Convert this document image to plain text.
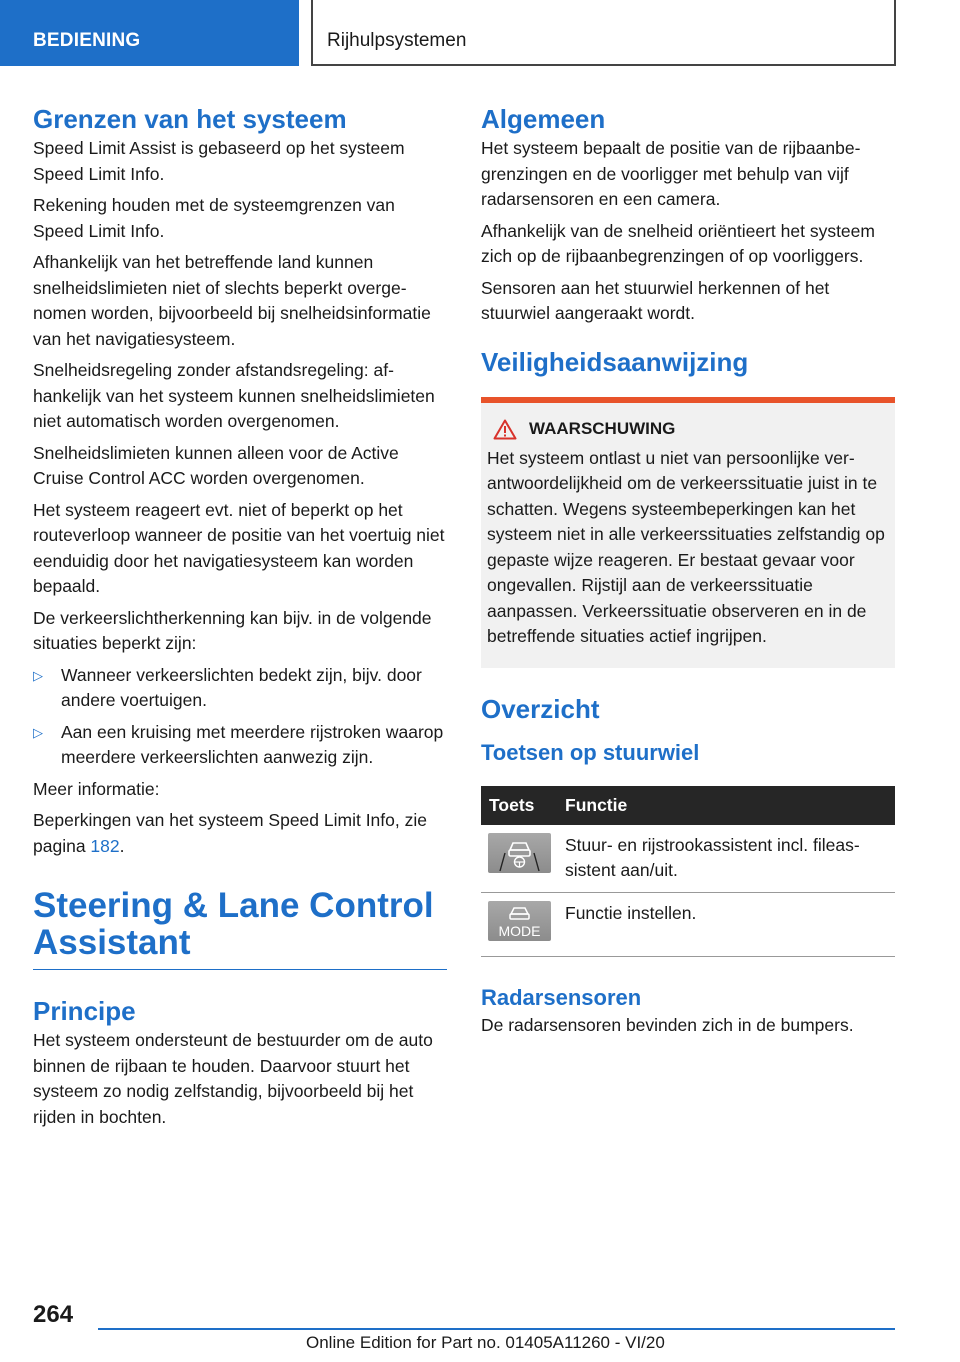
BEDIENING	Rijhulpsystemen
Grenzen van het systeem

Speed Limit Assist is gebaseerd op het systeem Speed Limit Info.

Rekening houden met de systeemgrenzen van Speed Limit Info.

Afhankelijk van het betreffende land kunnen snelheidslimieten niet of slechts beperkt overgenomen worden, bijvoorbeeld bij snelheidsinformatie van het navigatiesysteem.

Snelheidsregeling zonder afstandsregeling: afhankelijk van het systeem kunnen snelheidslimieten niet automatisch worden overgenomen.

Snelheidslimieten kunnen alleen voor de Active Cruise Control ACC worden overgenomen.

Het systeem reageert evt. niet of beperkt op het routeverloop wanneer de positie van het voertuig niet eenduidig door het navigatiesysteem kan worden bepaald.

De verkeerslichtherkenning kan bijv. in de volgende situaties beperkt zijn:

▷ Wanneer verkeerslichten bedekt zijn, bijv. door andere voertuigen.
▷ Aan een kruising met meerdere rijstroken waarop meerdere verkeerslichten aanwezig zijn.

Meer informatie:

Beperkingen van het systeem Speed Limit Info, zie pagina 182.

Steering & Lane Control Assistant
Principe

Het systeem ondersteunt de bestuurder om de auto binnen de rijbaan te houden. Daarvoor stuurt het systeem zo nodig zelfstandig, bijvoorbeeld bij het rijden in bochten.

Algemeen

Het systeem bepaalt de positie van de rijbaanbegrenzingen en de voorligger met behulp van vijf radarsensoren en een camera.

Afhankelijk van de snelheid oriëntieert het systeem zich op de rijbaanbegrenzingen of op voorliggers.

Sensoren aan het stuurwiel herkennen of het stuurwiel aangeraakt wordt.

Veiligheidsaanwijzing
WAARSCHUWING

Het systeem ontlast u niet van persoonlijke verantwoordelijkheid om de verkeerssituatie juist in te schatten. Wegens systeembeperkingen kan het systeem niet in alle verkeerssituaties zelfstandig op gepaste wijze reageren. Er bestaat gevaar voor ongevallen. Rijstijl aan de verkeerssituatie aanpassen. Verkeerssituatie observeren en in de betreffende situaties actief ingrijpen.

Overzicht
Toetsen op stuurwiel
Toets	Functie

	Stuur- en rijstrookassistent incl. fileassistent aan/uit.

MODE	Functie instellen.
Radarsensoren

De radarsensoren bevinden zich in de bumpers.

264
Online Edition for Part no. 01405A11260 - VI/20
